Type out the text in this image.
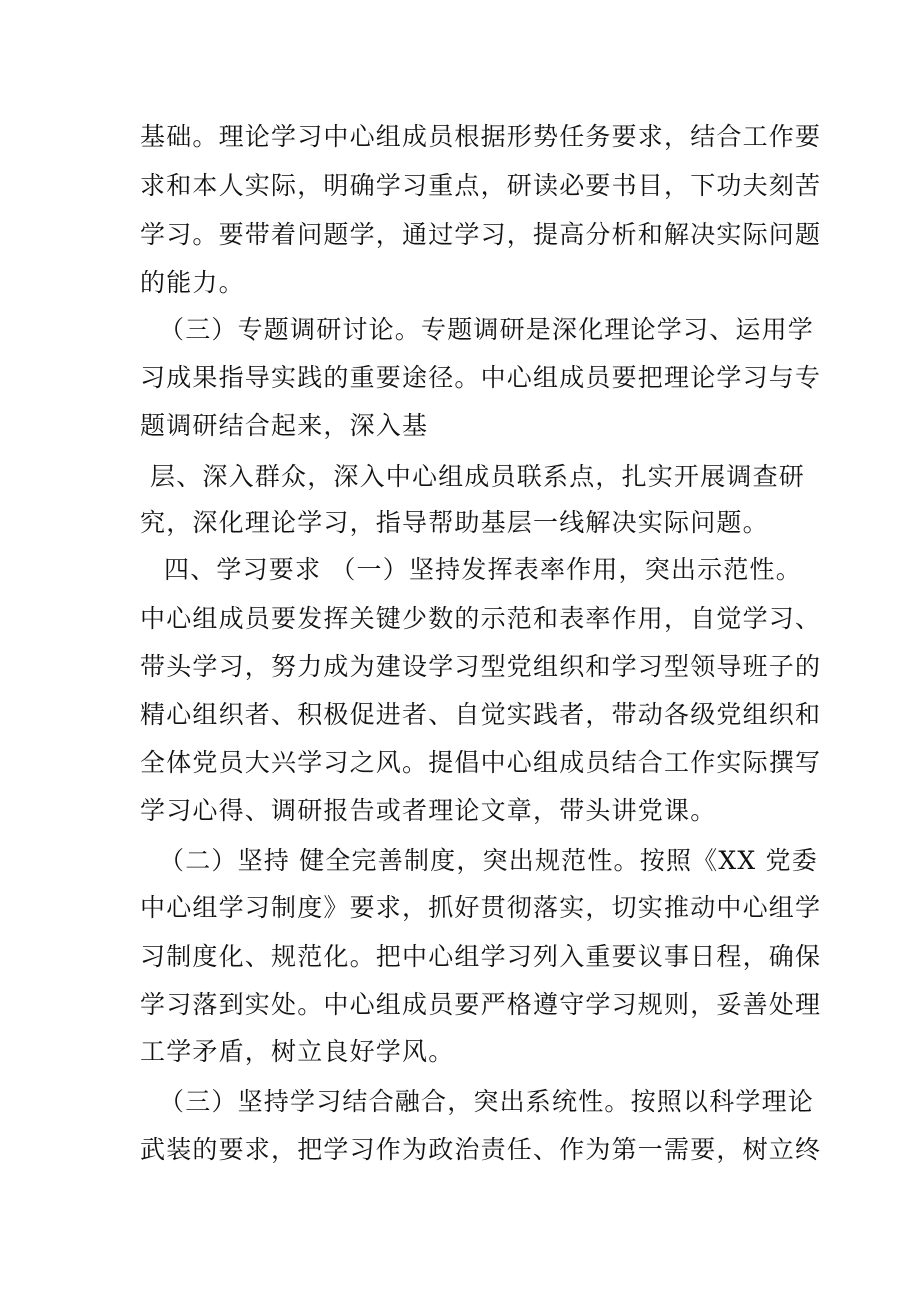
基础。理论学习中心组成员根据形势任务要求，结合工作要
求和本人实际，明确学习重点，研读必要书目，下功夫刻苦
学习。要带着问题学，通过学习，提高分析和解决实际问题
的能力。
（三）专题调研讨论。专题调研是深化理论学习、运用学
习成果指导实践的重要途径。中心组成员要把理论学习与专
题调研结合起来，深入基
层、深入群众，深入中心组成员联系点，扎实开展调查研
究，深化理论学习，指导帮助基层一线解决实际问题。
四、学习要求 （一）坚持发挥表率作用，突出示范性。
中心组成员要发挥关键少数的示范和表率作用，自觉学习、
带头学习，努力成为建设学习型党组织和学习型领导班子的
精心组织者、积极促进者、自觉实践者，带动各级党组织和
全体党员大兴学习之风。提倡中心组成员结合工作实际撰写
学习心得、调研报告或者理论文章，带头讲党课。
（二）坚持 健全完善制度，突出规范性。按照《XX 党委
中心组学习制度》要求，抓好贯彻落实，切实推动中心组学
习制度化、规范化。把中心组学习列入重要议事日程，确保
学习落到实处。中心组成员要严格遵守学习规则，妥善处理
工学矛盾，树立良好学风。
（三）坚持学习结合融合，突出系统性。按照以科学理论
武装的要求，把学习作为政治责任、作为第一需要，树立终
